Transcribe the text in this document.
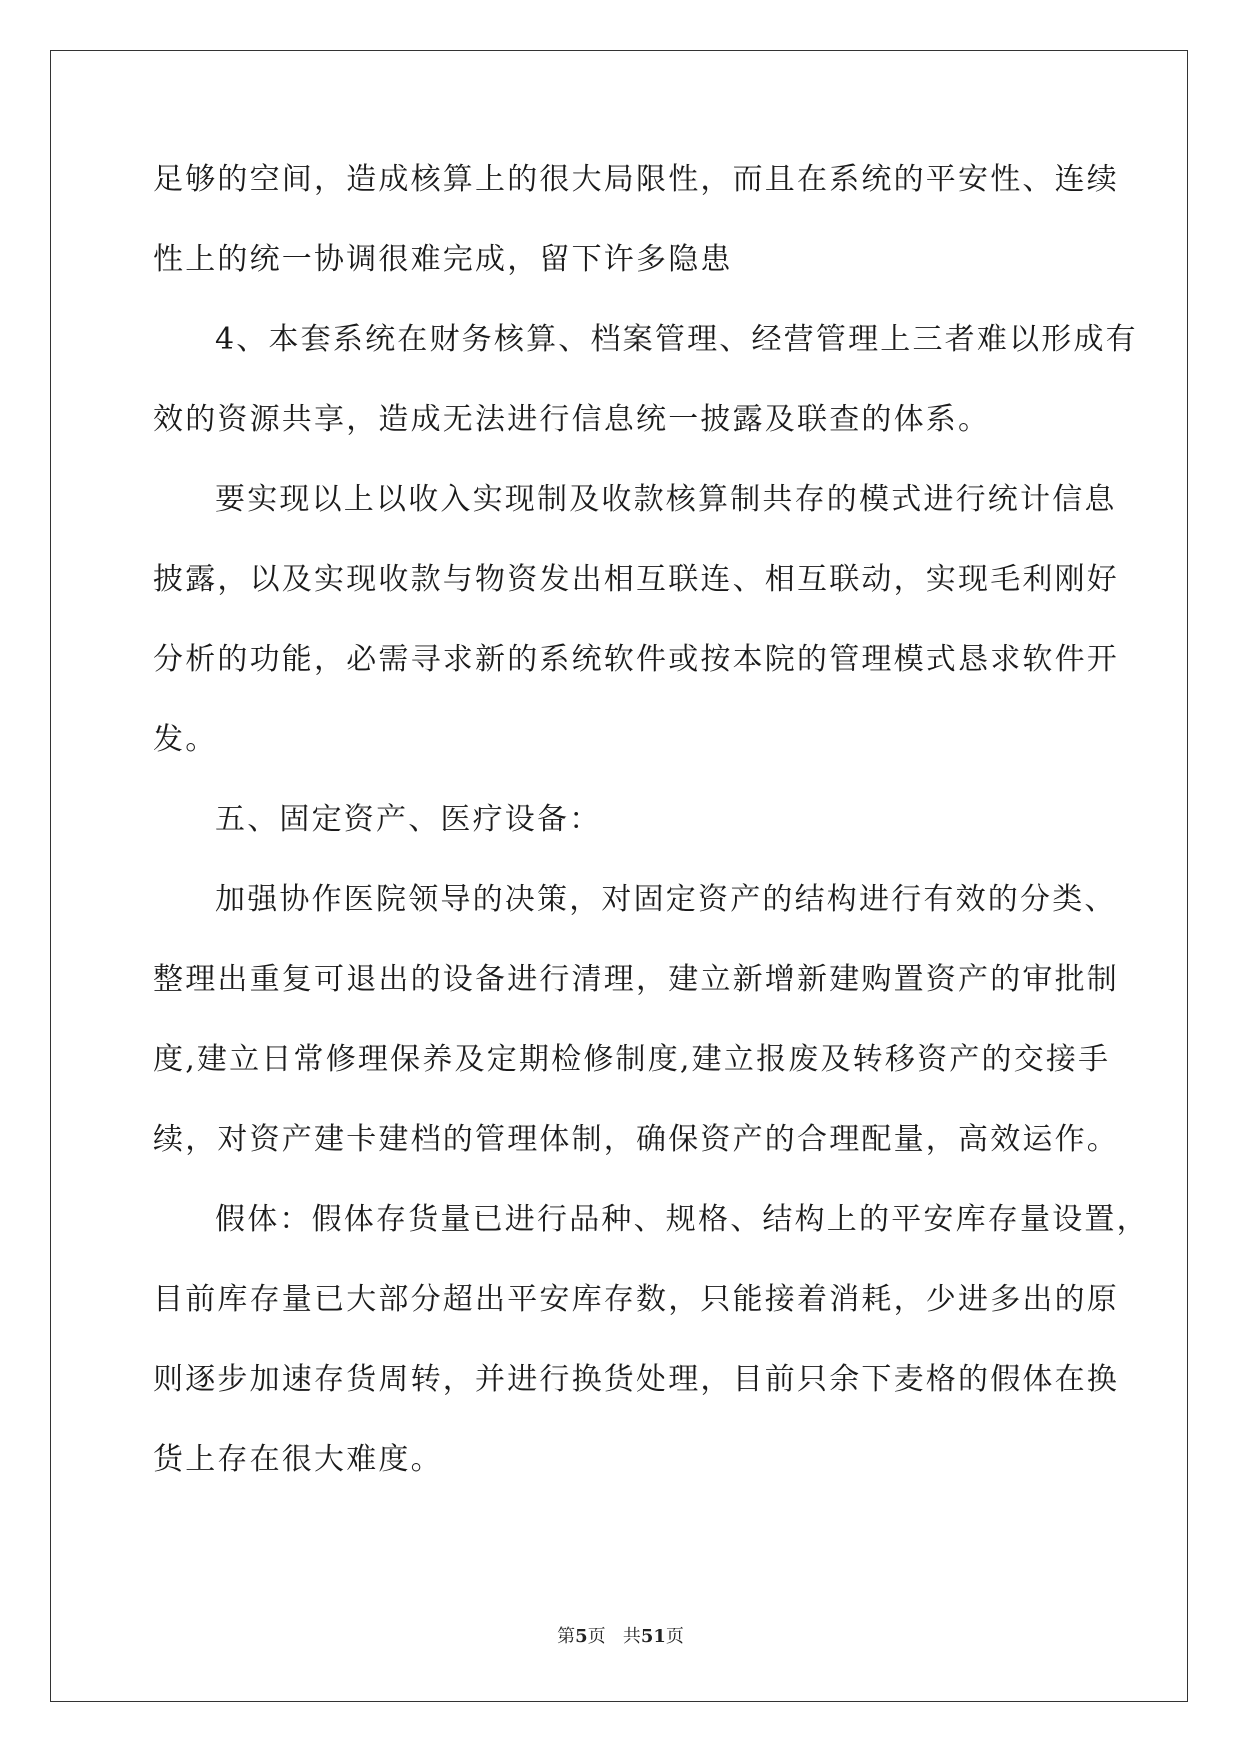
足够的空间，造成核算上的很大局限性，而且在系统的平安性、连续
性上的统一协调很难完成，留下许多隐患
4、本套系统在财务核算、档案管理、经营管理上三者难以形成有
效的资源共享，造成无法进行信息统一披露及联查的体系。
要实现以上以收入实现制及收款核算制共存的模式进行统计信息
披露，以及实现收款与物资发出相互联连、相互联动，实现毛利刚好
分析的功能，必需寻求新的系统软件或按本院的管理模式恳求软件开
发。
五、固定资产、医疗设备：
加强协作医院领导的决策，对固定资产的结构进行有效的分类、
整理出重复可退出的设备进行清理，建立新增新建购置资产的审批制
度,建立日常修理保养及定期检修制度,建立报废及转移资产的交接手
续，对资产建卡建档的管理体制，确保资产的合理配量，高效运作。
假体：假体存货量已进行品种、规格、结构上的平安库存量设置，
目前库存量已大部分超出平安库存数，只能接着消耗，少进多出的原
则逐步加速存货周转，并进行换货处理，目前只余下麦格的假体在换
货上存在很大难度。
第5页 共51页
